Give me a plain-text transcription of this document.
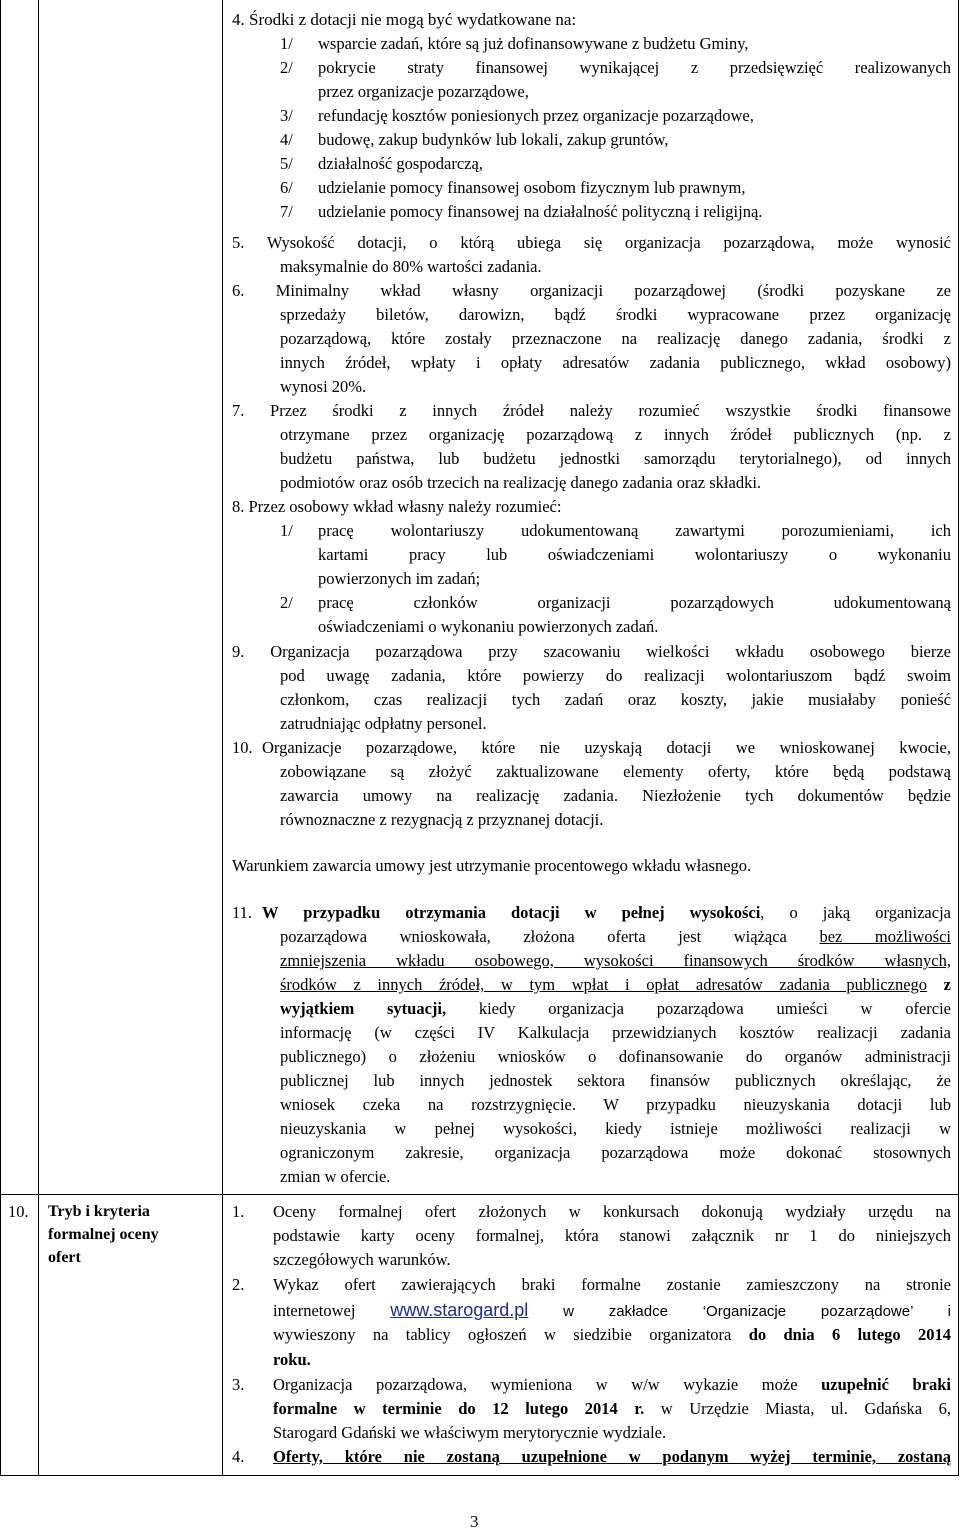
4. Środki z dotacji nie mogą być wydatkowane na:
1/ wsparcie zadań, które są już dofinansowywane z budżetu Gminy,
2/ pokrycie straty finansowej wynikającej z przedsięwzięć realizowanych
przez organizacje pozarządowe,
3/ refundację kosztów poniesionych przez organizacje pozarządowe,
4/ budowę, zakup budynków lub lokali, zakup gruntów,
5/ działalność gospodarczą,
6/ udzielanie pomocy finansowej osobom fizycznym lub prawnym,
7/ udzielanie pomocy finansowej na działalność polityczną i religijną.
5. Wysokość dotacji, o którą ubiega się organizacja pozarządowa, może wynosić
maksymalnie do 80% wartości zadania.
6. Minimalny wkład własny organizacji pozarządowej (środki pozyskane ze
sprzedaży biletów, darowizn, bądź środki wypracowane przez organizację
pozarządową, które zostały przeznaczone na realizację danego zadania, środki z
innych źródeł, wpłaty i opłaty adresatów zadania publicznego, wkład osobowy)
wynosi 20%.
7. Przez środki z innych źródeł należy rozumieć wszystkie środki finansowe
otrzymane przez organizację pozarządową z innych źródeł publicznych (np. z
budżetu państwa, lub budżetu jednostki samorządu terytorialnego), od innych
podmiotów oraz osób trzecich na realizację danego zadania oraz składki.
8. Przez osobowy wkład własny należy rozumieć:
1/ pracę wolontariuszy udokumentowaną zawartymi porozumieniami, ich
kartami pracy lub oświadczeniami wolontariuszy o wykonaniu
powierzonych im zadań;
2/ pracę członków organizacji pozarządowych udokumentowaną
oświadczeniami o wykonaniu powierzonych zadań.
9. Organizacja pozarządowa przy szacowaniu wielkości wkładu osobowego bierze
pod uwagę zadania, które powierzy do realizacji wolontariuszom bądź swoim
członkom, czas realizacji tych zadań oraz koszty, jakie musiałaby ponieść
zatrudniając odpłatny personel.
10. Organizacje pozarządowe, które nie uzyskają dotacji we wnioskowanej kwocie,
zobowiązane są złożyć zaktualizowane elementy oferty, które będą podstawą
zawarcia umowy na realizację zadania. Niezłożenie tych dokumentów będzie
równoznaczne z rezygnacją z przyznanej dotacji.
Warunkiem zawarcia umowy jest utrzymanie procentowego wkładu własnego.
11. W przypadku otrzymania dotacji w pełnej wysokości, o jaką organizacja
pozarządowa wnioskowała, złożona oferta jest wiążąca bez możliwości
zmniejszenia wkładu osobowego, wysokości finansowych środków własnych,
środków z innych źródeł, w tym wpłat i opłat adresatów zadania publicznego z
wyjątkiem sytuacji, kiedy organizacja pozarządowa umieści w ofercie
informację (w części IV Kalkulacja przewidzianych kosztów realizacji zadania
publicznego) o złożeniu wniosków o dofinansowanie do organów administracji
publicznej lub innych jednostek sektora finansów publicznych określając, że
wniosek czeka na rozstrzygnięcie. W przypadku nieuzyskania dotacji lub
nieuzyskania w pełnej wysokości, kiedy istnieje możliwości realizacji w
ograniczonym zakresie, organizacja pozarządowa może dokonać stosownych
zmian w ofercie.
10. Tryb i kryteria
formalnej oceny
ofert
1. Oceny formalnej ofert złożonych w konkursach dokonują wydziały urzędu na
podstawie karty oceny formalnej, która stanowi załącznik nr 1 do niniejszych
szczegółowych warunków.
2. Wykaz ofert zawierających braki formalne zostanie zamieszczony na stronie
internetowej www.starogard.pl w zakładce ‘Organizacje pozarządowe’ i
wywieszony na tablicy ogłoszeń w siedzibie organizatora do dnia 6 lutego 2014
roku.
3. Organizacja pozarządowa, wymieniona w w/w wykazie może uzupełnić braki
formalne w terminie do 12 lutego 2014 r. w Urzędzie Miasta, ul. Gdańska 6,
Starogard Gdański we właściwym merytorycznie wydziale.
4. Oferty, które nie zostaną uzupełnione w podanym wyżej terminie, zostaną
3
